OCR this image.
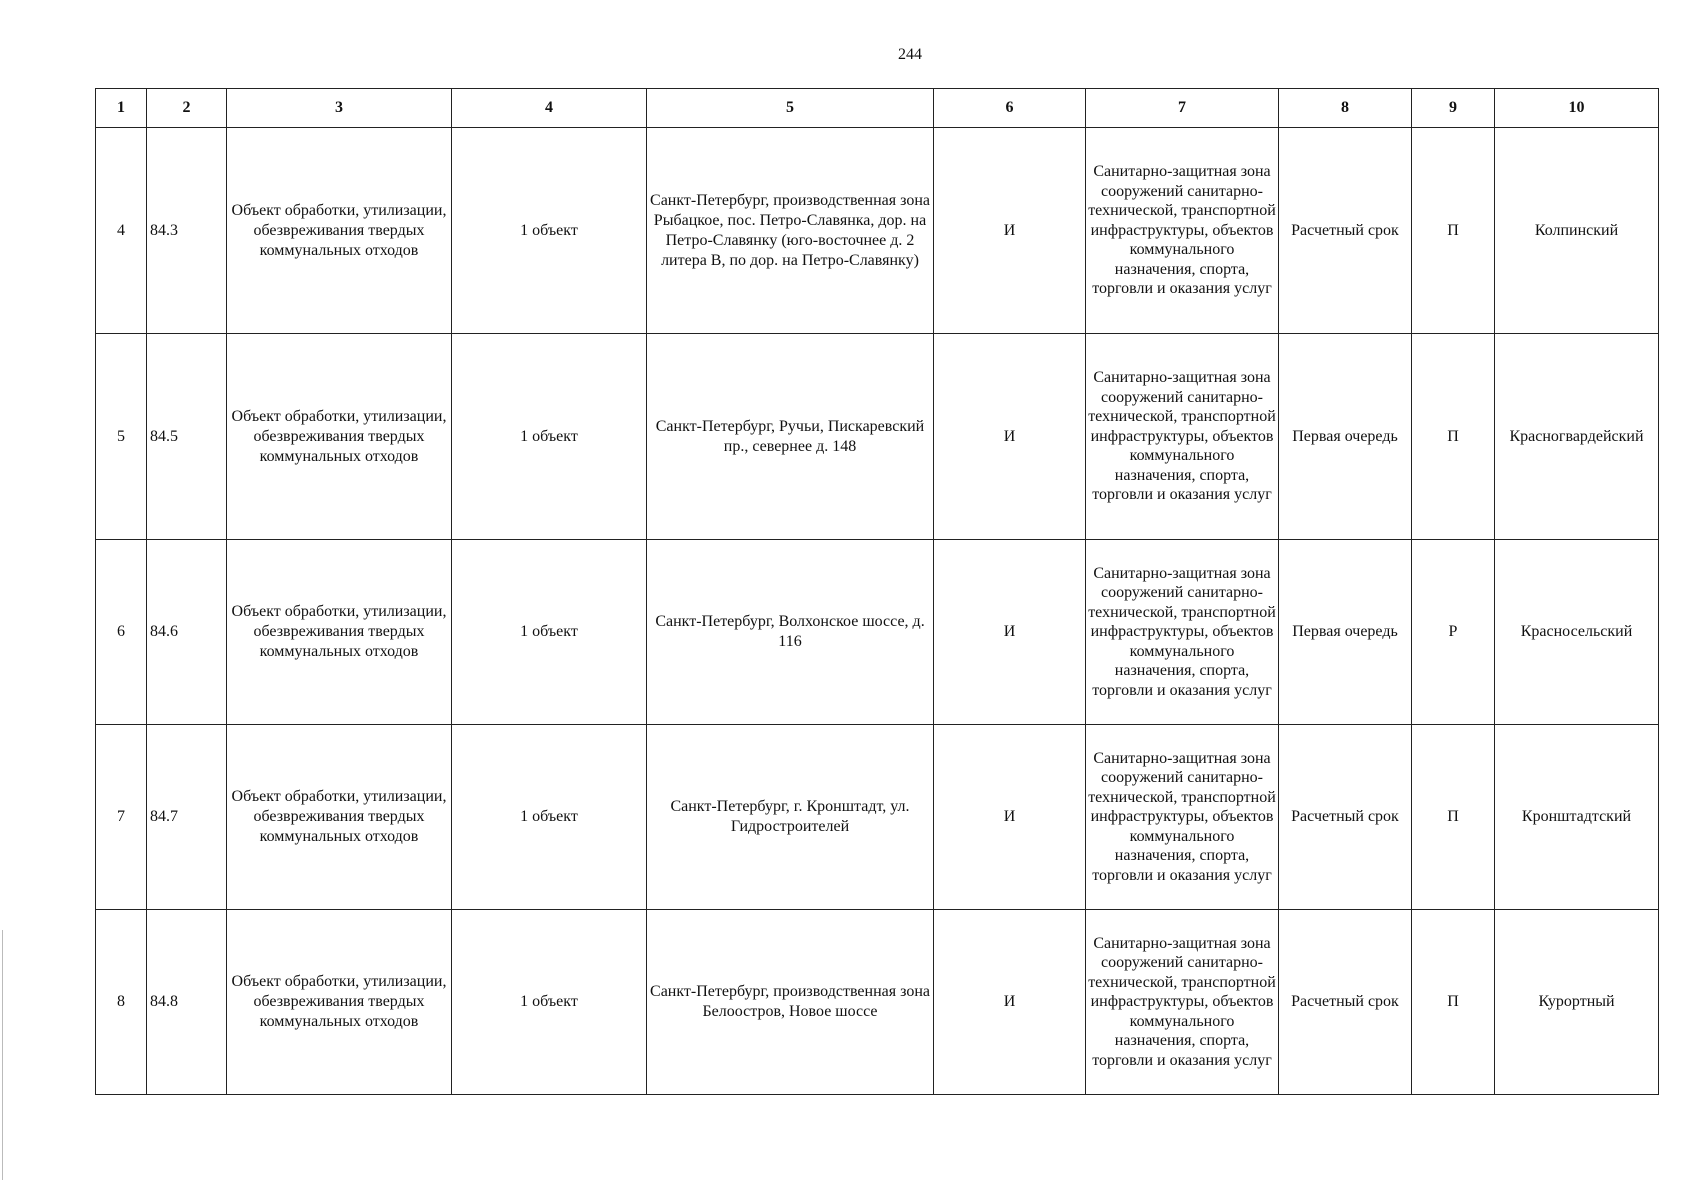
244
1	2	3	4	5	6	7	8	9	10
4	84.3	Объект обработки, утилизации, обезвреживания твердых коммунальных отходов	1 объект	Санкт-Петербург, производственная зона Рыбацкое, пос. Петро-Славянка, дор. на Петро-Славянку (юго-восточнее д. 2 литера В, по дор. на Петро-Славянку)	И	Санитарно-защитная зона сооружений санитарно-технической, транспортной инфраструктуры, объектов коммунального назначения, спорта, торговли и оказания услуг	Расчетный срок	П	Колпинский
5	84.5	Объект обработки, утилизации, обезвреживания твердых коммунальных отходов	1 объект	Санкт-Петербург, Ручьи, Пискаревский пр., севернее д. 148	И	Санитарно-защитная зона сооружений санитарно-технической, транспортной инфраструктуры, объектов коммунального назначения, спорта, торговли и оказания услуг	Первая очередь	П	Красногвардейский
6	84.6	Объект обработки, утилизации, обезвреживания твердых коммунальных отходов	1 объект	Санкт-Петербург, Волхонское шоссе, д. 116	И	Санитарно-защитная зона сооружений санитарно-технической, транспортной инфраструктуры, объектов коммунального назначения, спорта, торговли и оказания услуг	Первая очередь	Р	Красносельский
7	84.7	Объект обработки, утилизации, обезвреживания твердых коммунальных отходов	1 объект	Санкт-Петербург, г. Кронштадт, ул. Гидростроителей	И	Санитарно-защитная зона сооружений санитарно-технической, транспортной инфраструктуры, объектов коммунального назначения, спорта, торговли и оказания услуг	Расчетный срок	П	Кронштадтский
8	84.8	Объект обработки, утилизации, обезвреживания твердых коммунальных отходов	1 объект	Санкт-Петербург, производственная зона Белоостров, Новое шоссе	И	Санитарно-защитная зона сооружений санитарно-технической, транспортной инфраструктуры, объектов коммунального назначения, спорта, торговли и оказания услуг	Расчетный срок	П	Курортный
